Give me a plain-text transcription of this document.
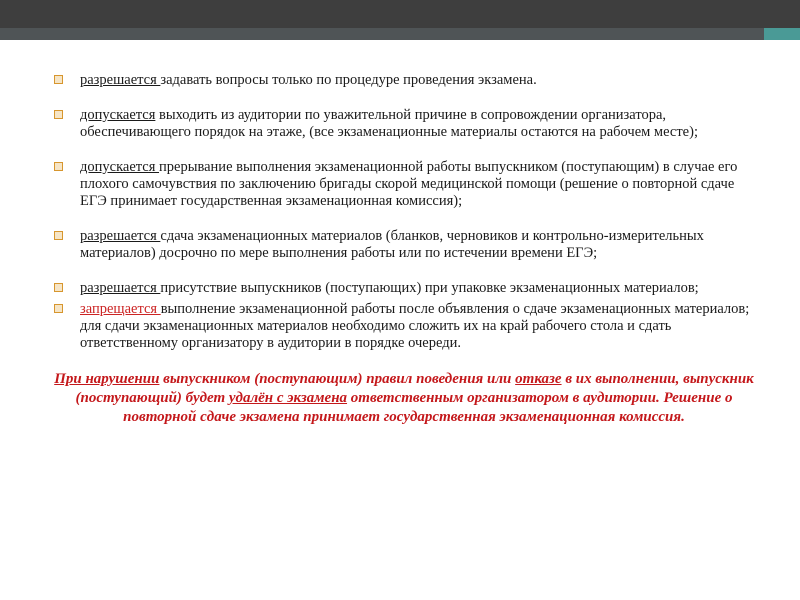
разрешается задавать вопросы только по процедуре проведения экзамена.
допускается выходить из аудитории по уважительной причине в сопровождении организатора, обеспечивающего порядок на этаже, (все экзаменационные материалы остаются на рабочем месте);
допускается прерывание выполнения экзаменационной работы выпускником (поступающим) в случае его плохого самочувствия по заключению бригады скорой медицинской помощи (решение о повторной сдаче ЕГЭ принимает государственная экзаменационная комиссия);
разрешается сдача экзаменационных материалов (бланков, черновиков и контрольно-измерительных материалов) досрочно по мере выполнения работы или по истечении времени ЕГЭ;
разрешается присутствие выпускников (поступающих) при упаковке экзаменационных материалов;
запрещается выполнение экзаменационной работы после объявления о сдаче экзаменационных материалов; для сдачи экзаменационных материалов необходимо сложить их на край рабочего стола и сдать ответственному организатору в аудитории в порядке очереди.
При нарушении выпускником (поступающим) правил поведения или отказе в их выполнении, выпускник (поступающий) будет удалён с экзамена ответственным организатором в аудитории. Решение о повторной сдаче экзамена принимает государственная экзаменационная комиссия.
